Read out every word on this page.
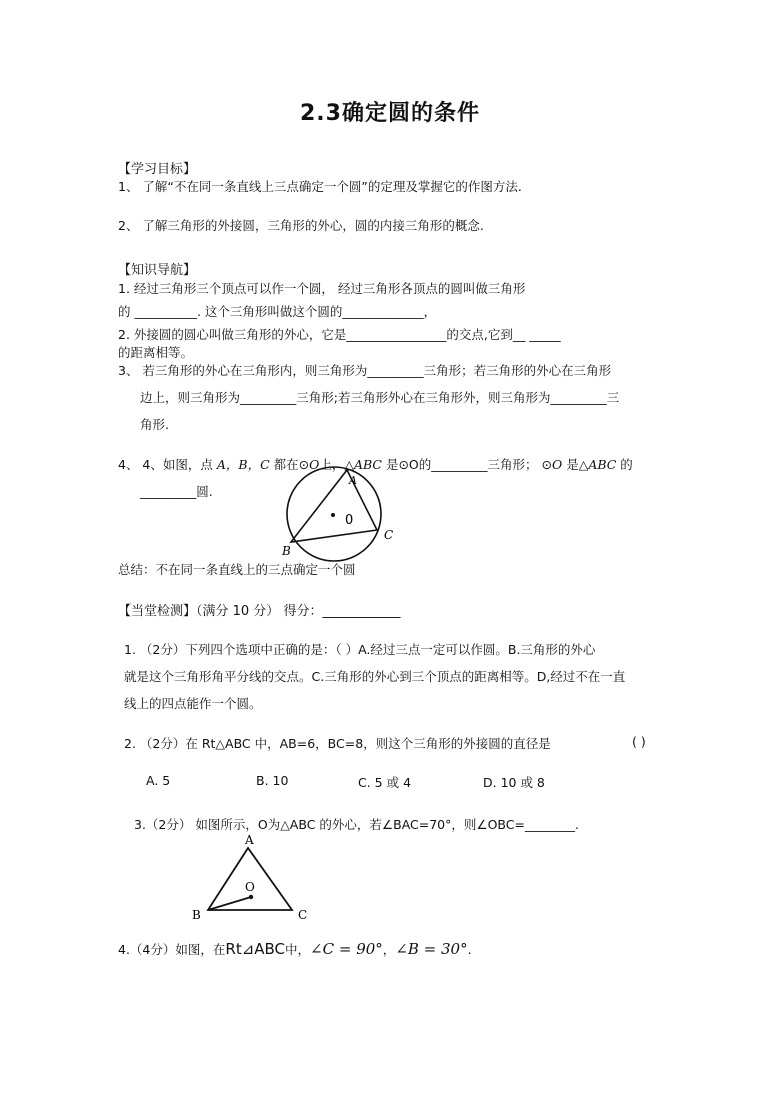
2.3确定圆的条件
【学习目标】
1、 了解“不在同一条直线上三点确定一个圆”的定理及掌握它的作图方法.
2、 了解三角形的外接圆，三角形的外心，圆的内接三角形的概念.
【知识导航】
1. 经过三角形三个顶点可以作一个圆， 经过三角形各顶点的圆叫做三角形
的 __________. 这个三角形叫做这个圆的_____________，
2. 外接圆的圆心叫做三角形的外心，它是________________的交点,它到__ _____
的距离相等。
3、 若三角形的外心在三角形内，则三角形为_________三角形；若三角形的外心在三角形
边上，则三角形为_________三角形;若三角形外心在三角形外，则三角形为_________三
角形.
4、 4、如图，点 A，B，C 都在⊙O上，△ABC 是⊙O的_________三角形； ⊙O 是△ABC 的
_________圆.
A
B
C
0
总结：不在同一条直线上的三点确定一个圆
【当堂检测】（满分 10 分） 得分：____________
1. （2分）下列四个选项中正确的是：（ ）A.经过三点一定可以作圆。B.三角形的外心
就是这个三角形角平分线的交点。C.三角形的外心到三个顶点的距离相等。D,经过不在一直
线上的四点能作一个圆。
2. （2分）在 Rt△ABC 中，AB=6，BC=8，则这个三角形的外接圆的直径是	( )
A. 5	B. 10	C. 5 或 4	D. 10 或 8
3.（2分） 如图所示，O为△ABC 的外心，若∠BAC=70°，则∠OBC=________.
A
B	C
O
4.（4分）如图，在Rt⊿ABC中，∠C = 90°，∠B = 30°.
